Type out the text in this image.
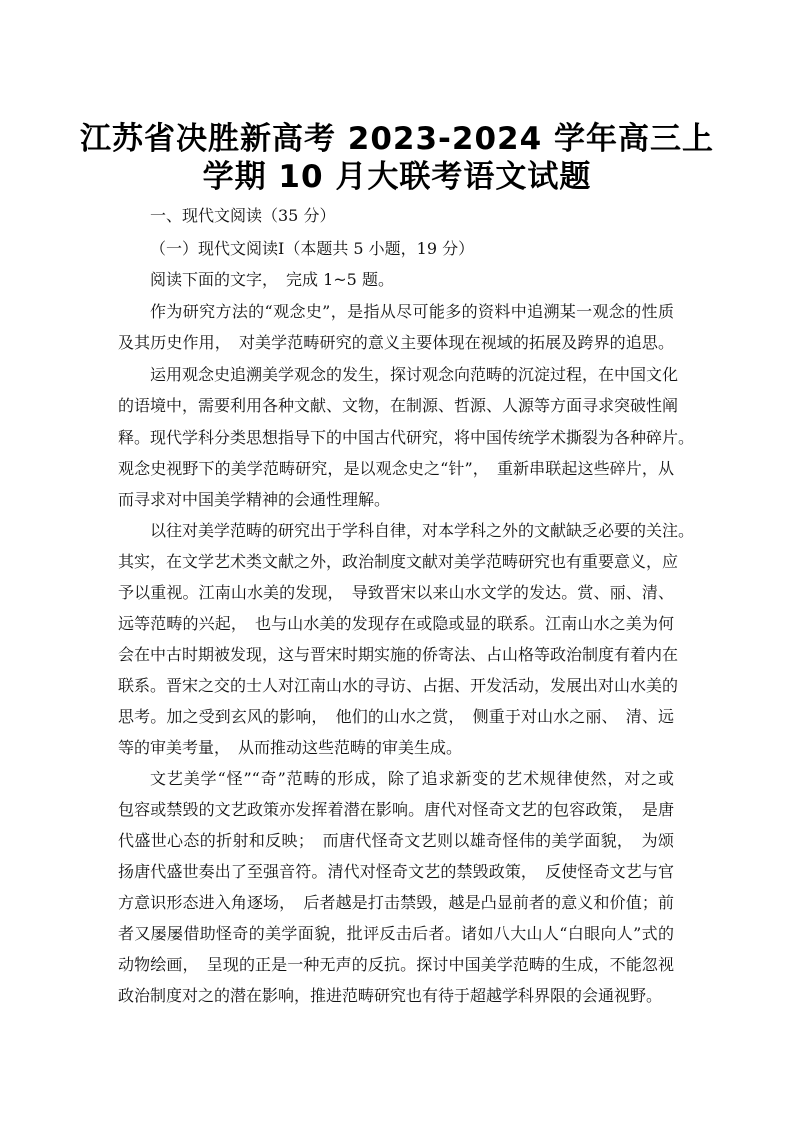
江苏省决胜新高考 2023-2024 学年高三上
学期 10 月大联考语文试题
一、现代文阅读（35 分）
（一）现代文阅读Ⅰ（本题共 5 小题，19 分）
阅读下面的文字，　完成 1~5 题。
作为研究方法的“观念史”，是指从尽可能多的资料中追溯某一观念的性质
及其历史作用，　对美学范畴研究的意义主要体现在视域的拓展及跨界的追思。
运用观念史追溯美学观念的发生，探讨观念向范畴的沉淀过程，在中国文化
的语境中，需要利用各种文献、文物，在制源、哲源、人源等方面寻求突破性阐
释。现代学科分类思想指导下的中国古代研究，将中国传统学术撕裂为各种碎片。
观念史视野下的美学范畴研究，是以观念史之“针”，　重新串联起这些碎片，从
而寻求对中国美学精神的会通性理解。
以往对美学范畴的研究出于学科自律，对本学科之外的文献缺乏必要的关注。
其实，在文学艺术类文献之外，政治制度文献对美学范畴研究也有重要意义，应
予以重视。江南山水美的发现，　导致晋宋以来山水文学的发达。赏、丽、清、
远等范畴的兴起，　也与山水美的发现存在或隐或显的联系。江南山水之美为何
会在中古时期被发现，这与晋宋时期实施的侨寄法、占山格等政治制度有着内在
联系。晋宋之交的士人对江南山水的寻访、占据、开发活动，发展出对山水美的
思考。加之受到玄风的影响，　他们的山水之赏，　侧重于对山水之丽、　清、远
等的审美考量，　从而推动这些范畴的审美生成。
文艺美学“怪”“奇”范畴的形成，除了追求新变的艺术规律使然，对之或
包容或禁毁的文艺政策亦发挥着潜在影响。唐代对怪奇文艺的包容政策，　是唐
代盛世心态的折射和反映；　而唐代怪奇文艺则以雄奇怪伟的美学面貌，　为颂
扬唐代盛世奏出了至强音符。清代对怪奇文艺的禁毁政策，　反使怪奇文艺与官
方意识形态进入角逐场，　后者越是打击禁毁，越是凸显前者的意义和价值；前
者又屡屡借助怪奇的美学面貌，批评反击后者。诸如八大山人“白眼向人”式的
动物绘画，　呈现的正是一种无声的反抗。探讨中国美学范畴的生成，不能忽视
政治制度对之的潜在影响，推进范畴研究也有待于超越学科界限的会通视野。
